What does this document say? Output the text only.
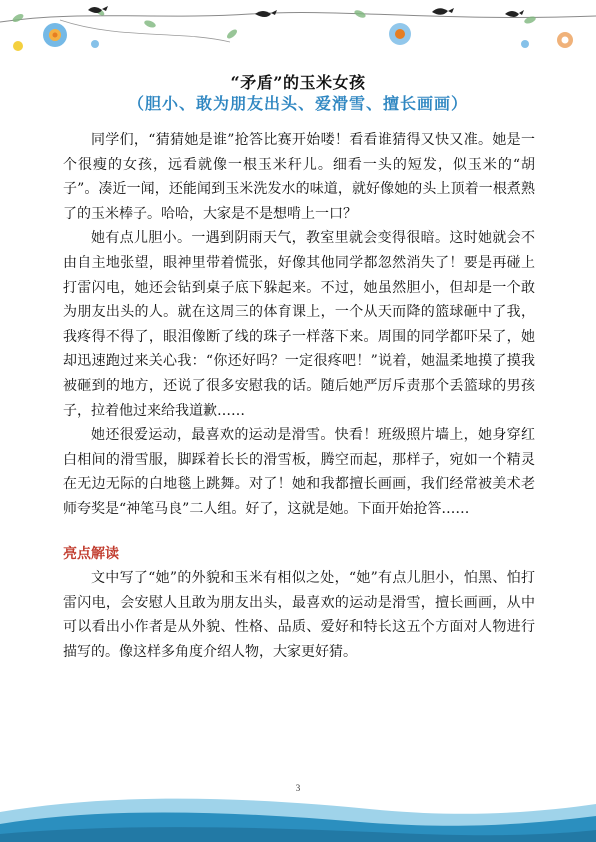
“矛盾”的玉米女孩
（胆小、敢为朋友出头、爱滑雪、擅长画画）

同学们，“猜猜她是谁”抢答比赛开始喽！看看谁猜得又快又准。她是一个很瘦的女孩，远看就像一根玉米秆儿。细看一头的短发，似玉米的“胡子”。凑近一闻，还能闻到玉米洗发水的味道，就好像她的头上顶着一根煮熟了的玉米棒子。哈哈，大家是不是想啃上一口？

她有点儿胆小。一遇到阴雨天气，教室里就会变得很暗。这时她就会不由自主地张望，眼神里带着慌张，好像其他同学都忽然消失了！要是再碰上打雷闪电，她还会钻到桌子底下躲起来。不过，她虽然胆小，但却是一个敢为朋友出头的人。就在这周三的体育课上，一个从天而降的篮球砸中了我，我疼得不得了，眼泪像断了线的珠子一样落下来。周围的同学都吓呆了，她却迅速跑过来关心我：“你还好吗？一定很疼吧！”说着，她温柔地摸了摸我被砸到的地方，还说了很多安慰我的话。随后她严厉斥责那个丢篮球的男孩子，拉着他过来给我道歉……

她还很爱运动，最喜欢的运动是滑雪。快看！班级照片墙上，她身穿红白相间的滑雪服，脚踩着长长的滑雪板，腾空而起，那样子，宛如一个精灵在无边无际的白地毯上跳舞。对了！她和我都擅长画画，我们经常被美术老师夸奖是“神笔马良”二人组。好了，这就是她。下面开始抢答……

亮点解读

文中写了“她”的外貌和玉米有相似之处，“她”有点儿胆小，怕黑、怕打雷闪电，会安慰人且敢为朋友出头，最喜欢的运动是滑雪，擅长画画，从中可以看出小作者是从外貌、性格、品质、爱好和特长这五个方面对人物进行描写的。像这样多角度介绍人物，大家更好猜。

3
